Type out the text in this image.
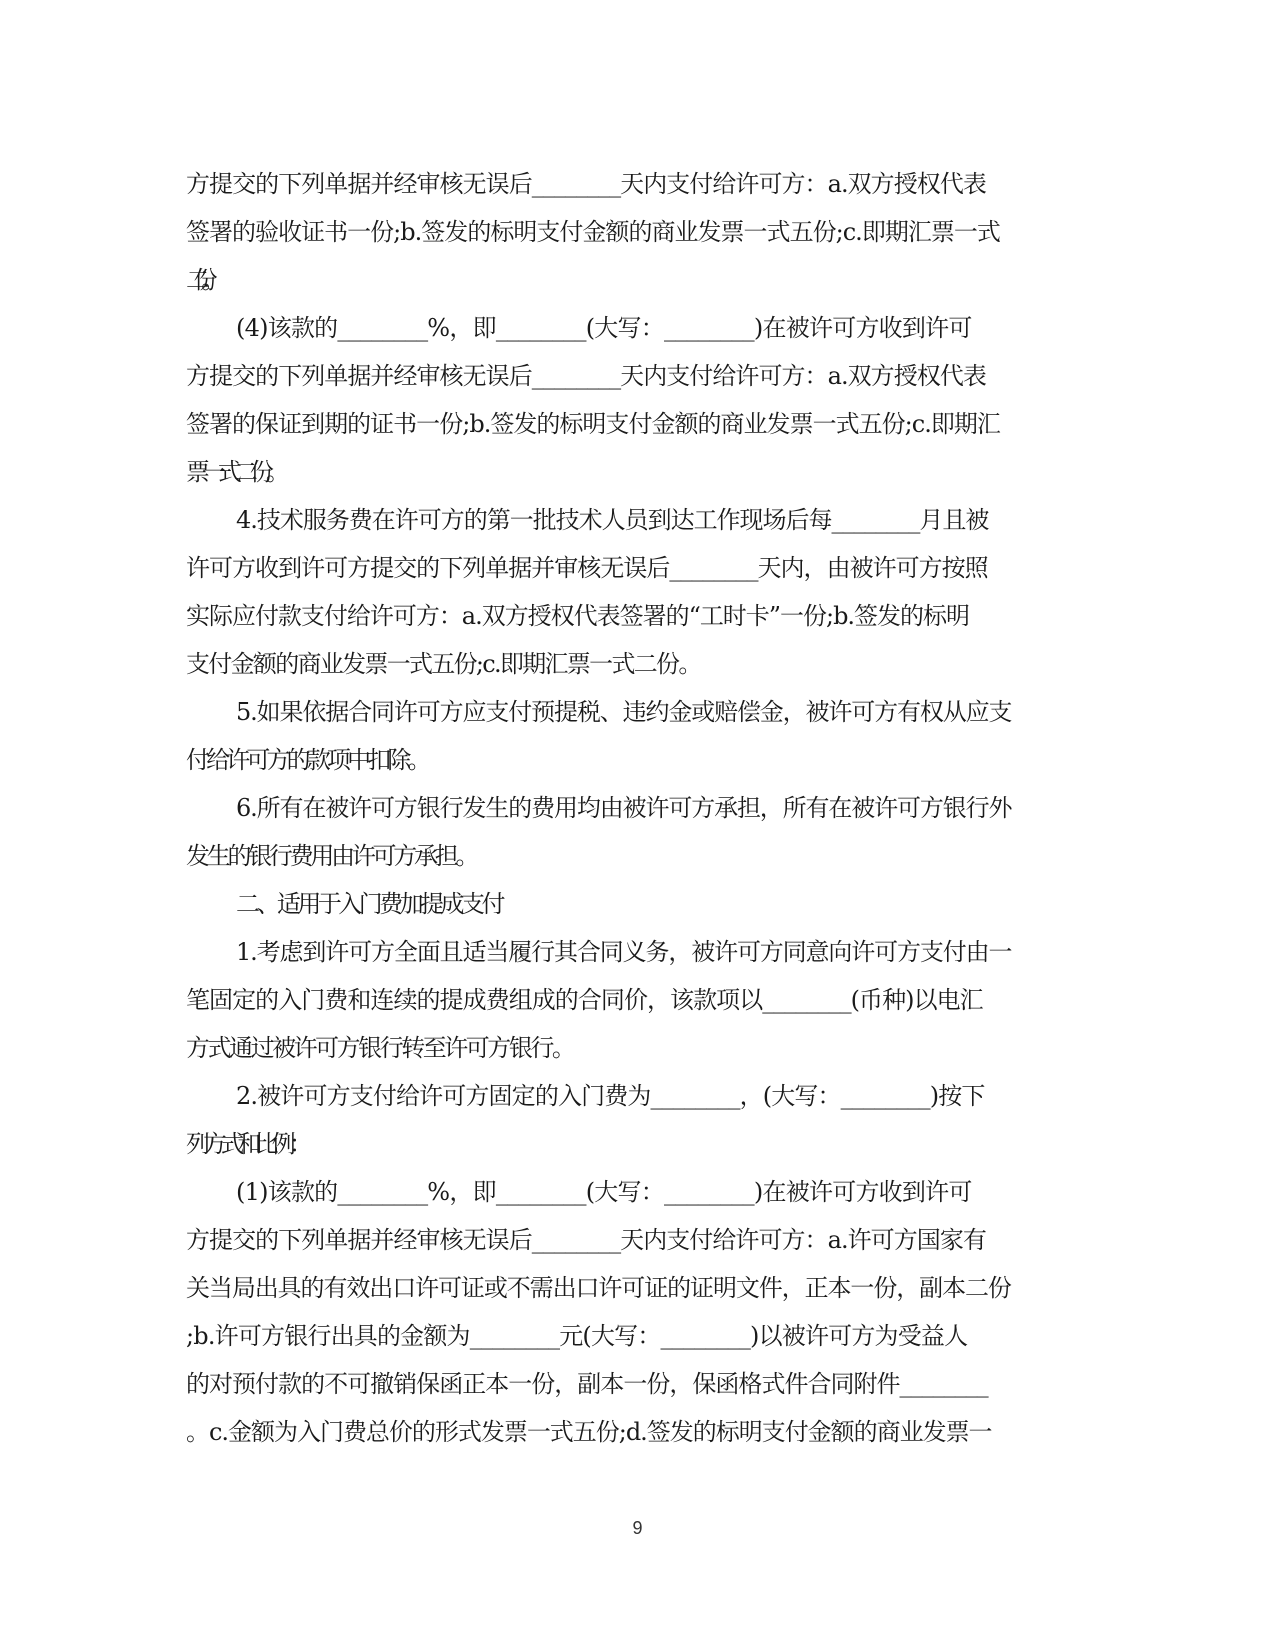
方提交的下列单据并经审核无误后________天内支付给许可方：a.双方授权代表
签署的验收证书一份;b.签发的标明支付金额的商业发票一式五份;c.即期汇票一式
二份。
(4)该款的________%，即________(大写：________)在被许可方收到许可
方提交的下列单据并经审核无误后________天内支付给许可方：a.双方授权代表
签署的保证到期的证书一份;b.签发的标明支付金额的商业发票一式五份;c.即期汇
票一式二份。
4.技术服务费在许可方的第一批技术人员到达工作现场后每________月且被
许可方收到许可方提交的下列单据并审核无误后________天内，由被许可方按照
实际应付款支付给许可方：a.双方授权代表签署的“工时卡”一份;b.签发的标明
支付金额的商业发票一式五份;c.即期汇票一式二份。
5.如果依据合同许可方应支付预提税、违约金或赔偿金，被许可方有权从应支
付给许可方的款项中扣除。
6.所有在被许可方银行发生的费用均由被许可方承担，所有在被许可方银行外
发生的银行费用由许可方承担。
二、适用于入门费加提成支付
1.考虑到许可方全面且适当履行其合同义务，被许可方同意向许可方支付由一
笔固定的入门费和连续的提成费组成的合同价，该款项以________(币种)以电汇
方式通过被许可方银行转至许可方银行。
2.被许可方支付给许可方固定的入门费为________，(大写：________)按下
列方式和比例：
(1)该款的________%，即________(大写：________)在被许可方收到许可
方提交的下列单据并经审核无误后________天内支付给许可方：a.许可方国家有
关当局出具的有效出口许可证或不需出口许可证的证明文件，正本一份，副本二份
;b.许可方银行出具的金额为________元(大写：________)以被许可方为受益人
的对预付款的不可撤销保函正本一份，副本一份，保函格式件合同附件________
。c.金额为入门费总价的形式发票一式五份;d.签发的标明支付金额的商业发票一
9
